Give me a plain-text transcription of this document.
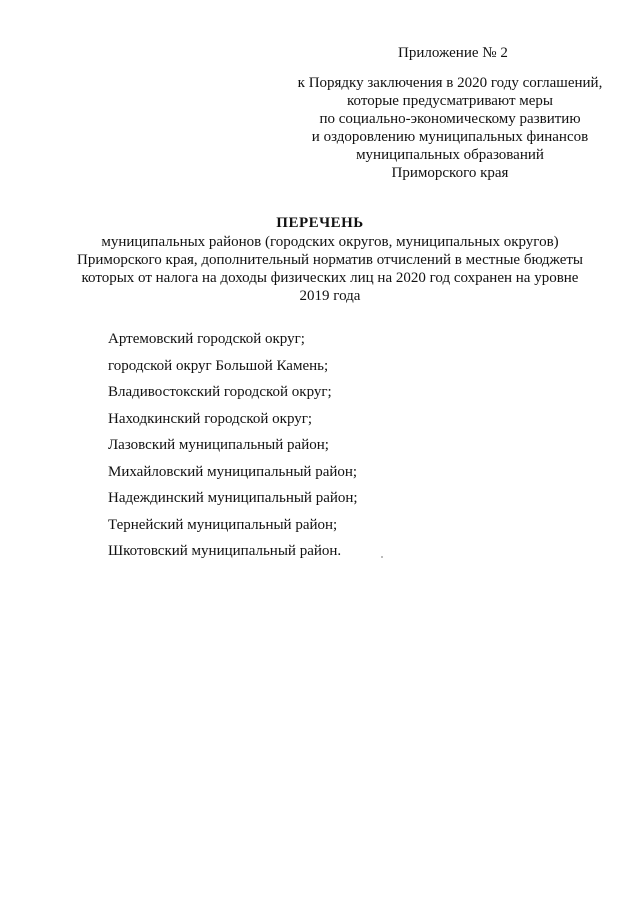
Приложение № 2
к Порядку заключения в 2020 году соглашений,
которые предусматривают меры
по социально-экономическому развитию
и оздоровлению муниципальных финансов
муниципальных образований
Приморского края
ПЕРЕЧЕНЬ
муниципальных районов (городских округов, муниципальных округов)
Приморского края, дополнительный норматив отчислений в местные бюджеты
которых от налога на доходы физических лиц на 2020 год сохранен на уровне
2019 года
Артемовский городской округ;
городской округ Большой Камень;
Владивостокский городской округ;
Находкинский городской округ;
Лазовский муниципальный район;
Михайловский муниципальный район;
Надеждинский муниципальный район;
Тернейский муниципальный район;
Шкотовский муниципальный район.
